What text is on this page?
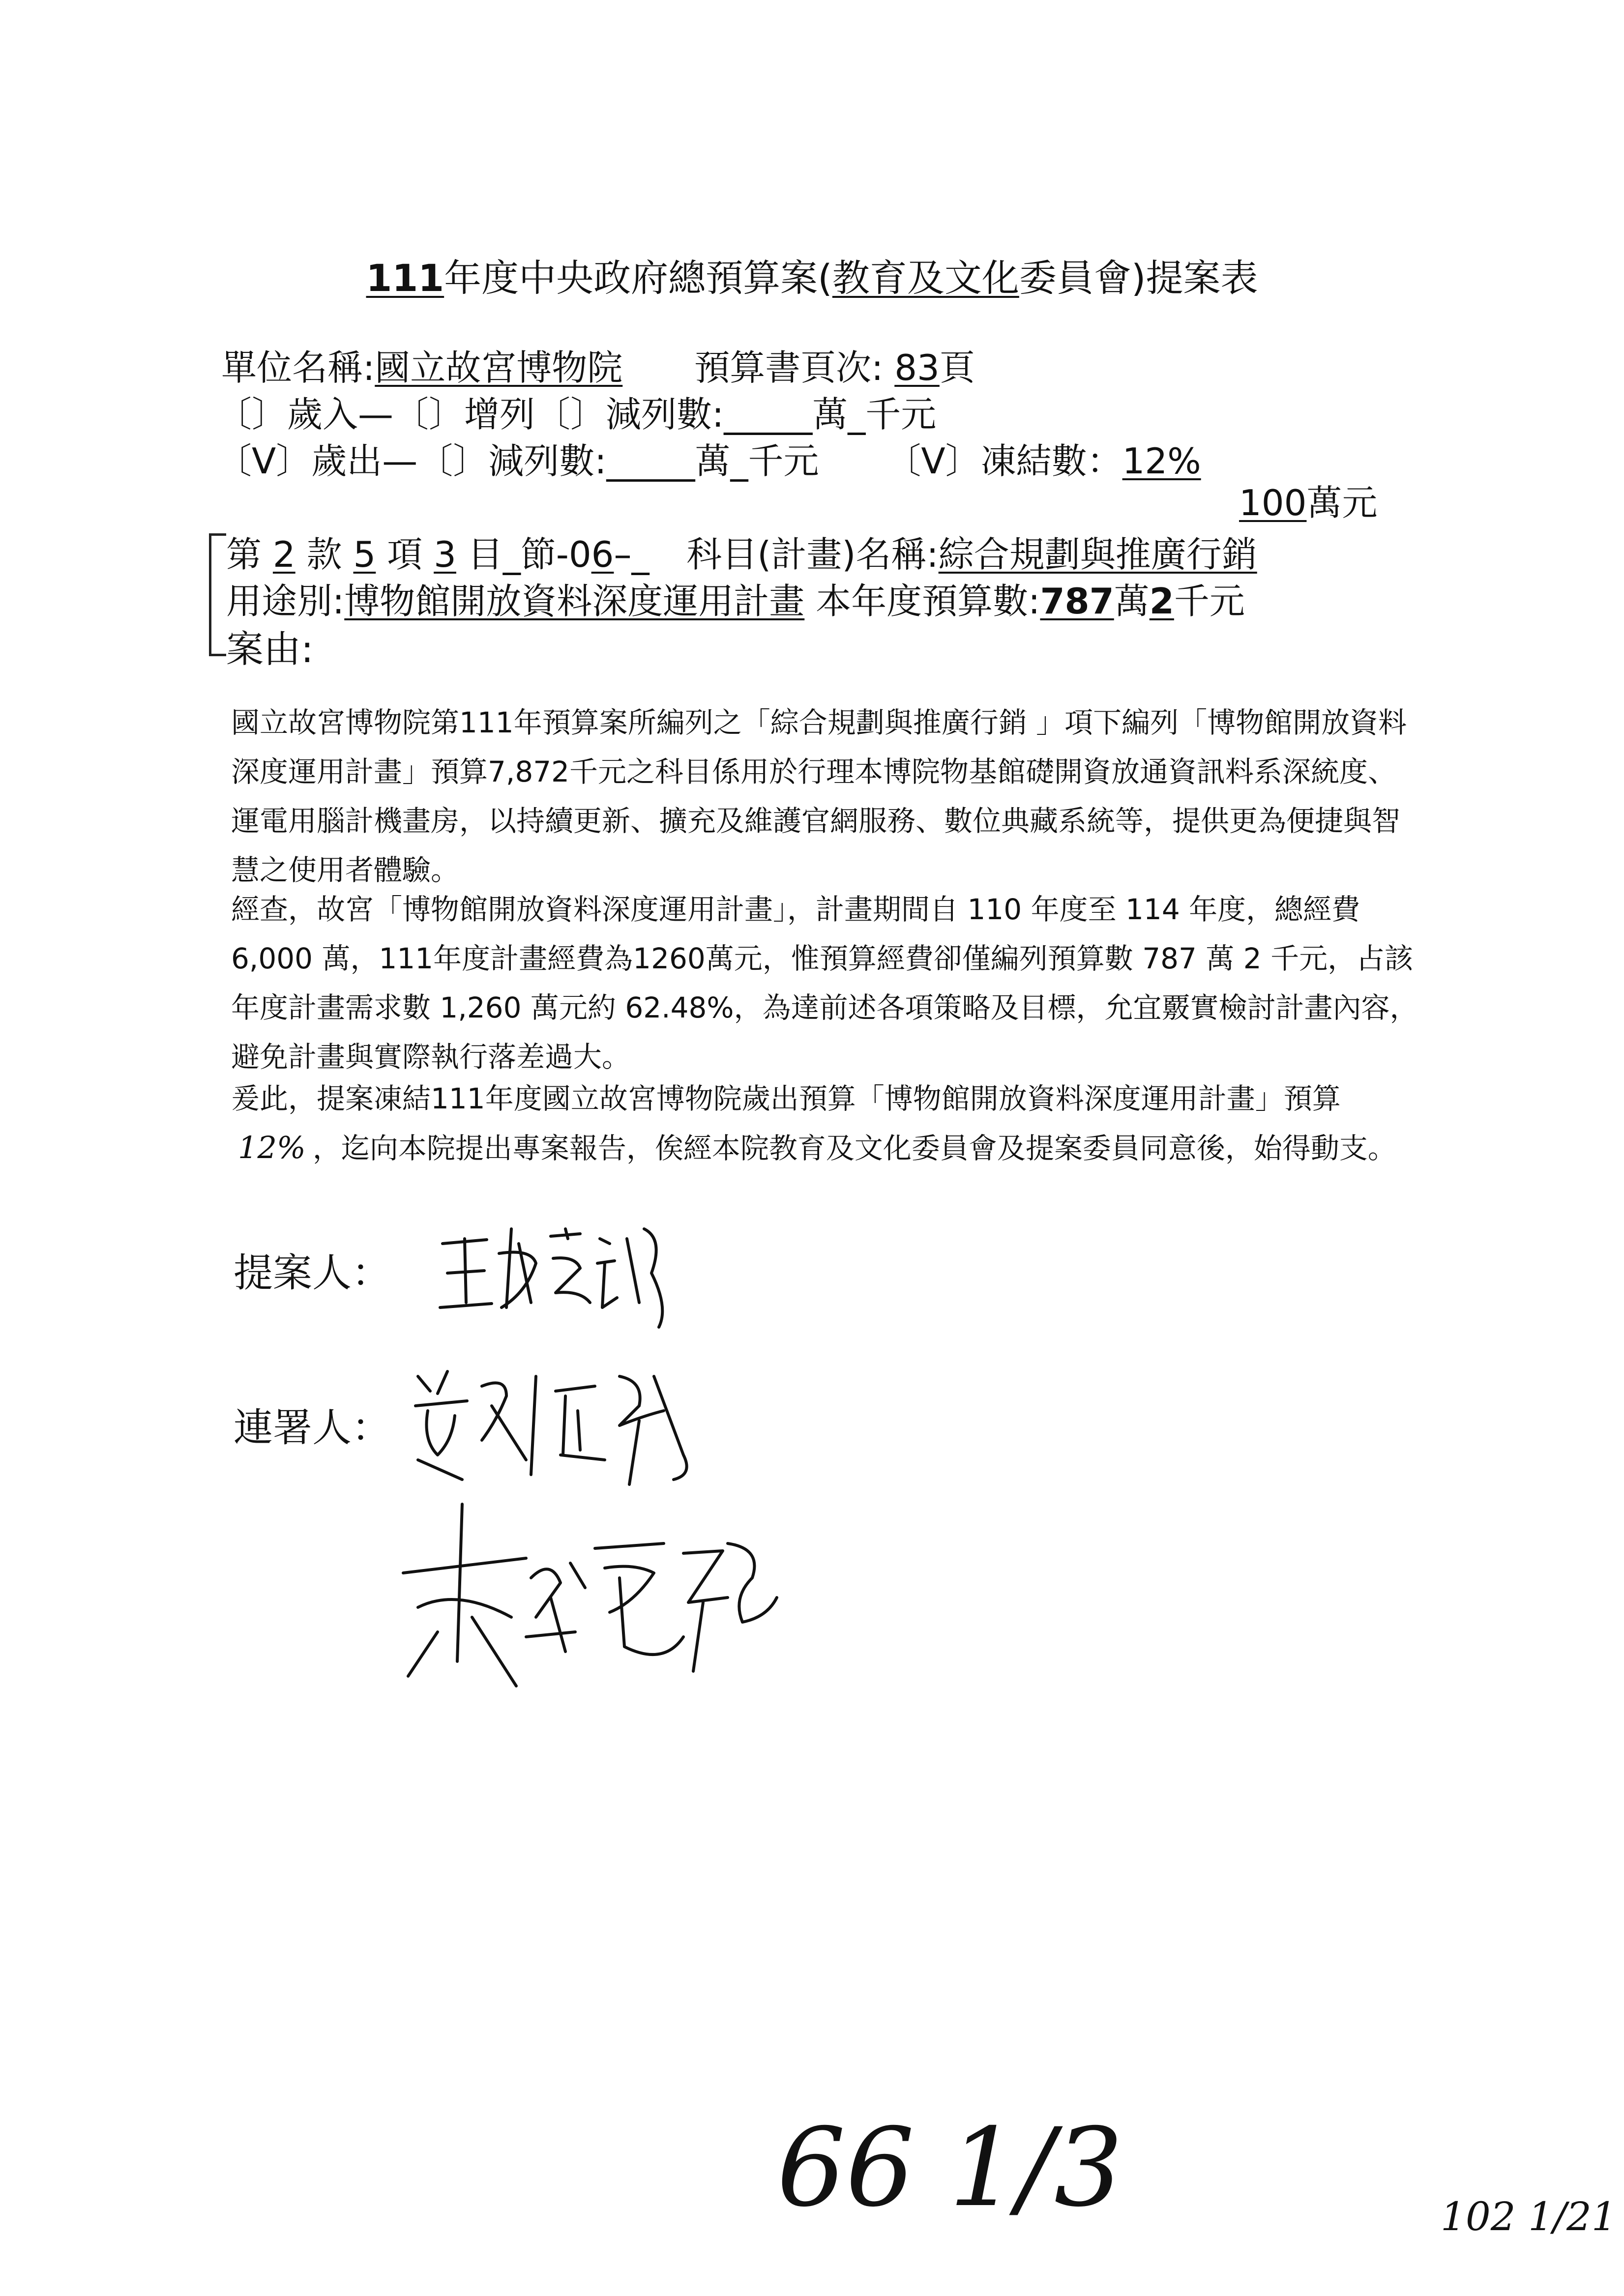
111年度中央政府總預算案(教育及文化委員會)提案表
單位名稱:國立故宮博物院 預算書頁次: 83頁
〔〕歲入—〔〕增列〔〕減列數:_____萬_千元
〔V〕歲出—〔〕減列數:_____萬_千元 〔V〕凍結數：12%
100萬元
第 2 款 5 項 3 目_節-06–_ 科目(計畫)名稱:綜合規劃與推廣行銷
用途別:博物館開放資料深度運用計畫 本年度預算數:787萬2千元
案由:

國立故宮博物院第111年預算案所編列之「綜合規劃與推廣行銷 」項下編列「博物館開放資料深度運用計畫」預算7,872千元之科目係用於行理本博院物基館礎開資放通資訊料系深統度、運電用腦計機畫房，以持續更新、擴充及維護官網服務、數位典藏系統等，提供更為便捷與智慧之使用者體驗。

經查，故宮「博物館開放資料深度運用計畫」，計畫期間自 110 年度至 114 年度，總經費 6,000 萬，111年度計畫經費為1260萬元，惟預算經費卻僅編列預算數 787 萬 2 千元，占該年度計畫需求數 1,260 萬元約 62.48%，為達前述各項策略及目標，允宜覈實檢討計畫內容， 避免計畫與實際執行落差過大。

爰此，提案凍結111年度國立故宮博物院歲出預算「博物館開放資料深度運用計畫」預算 12% ，迄向本院提出專案報告，俟經本院教育及文化委員會及提案委員同意後，始得動支。

提案人：
連署人：
66 1/3	102 1/21
